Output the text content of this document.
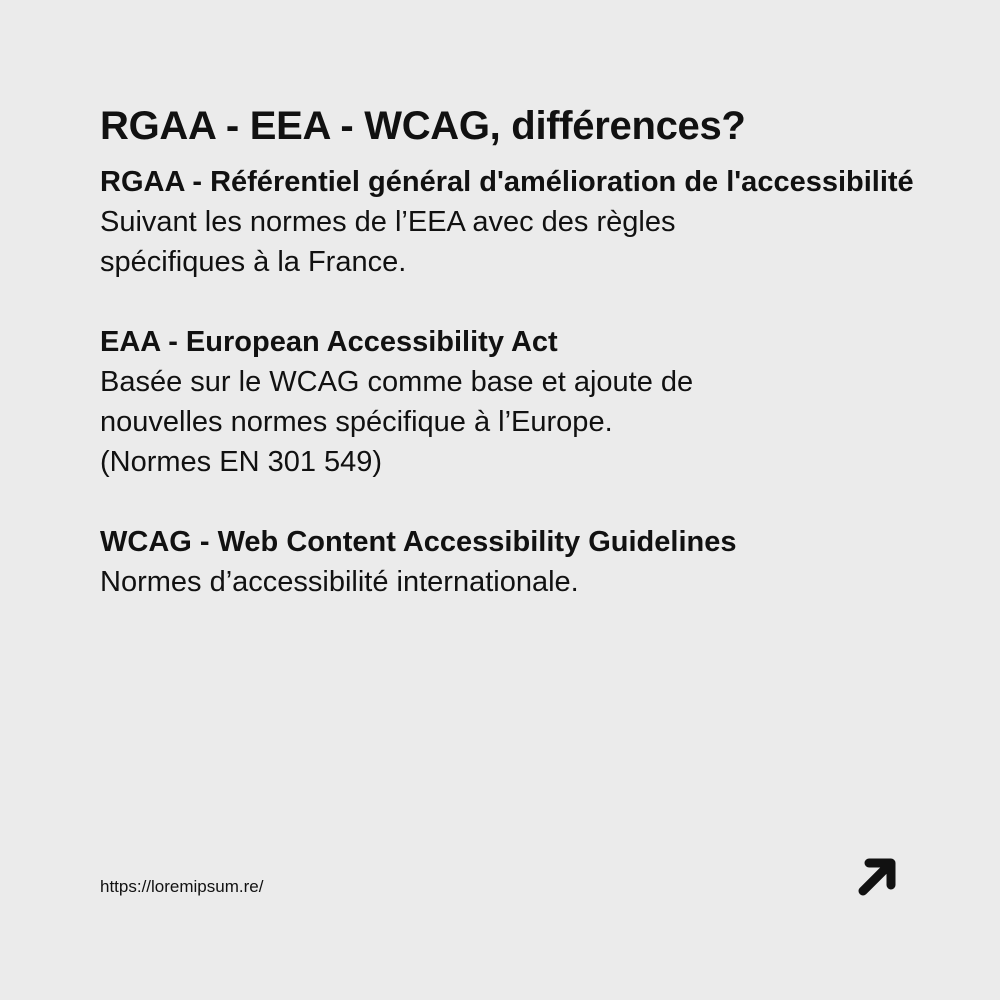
RGAA - EEA - WCAG, différences?
RGAA - Référentiel général d'amélioration de l'accessibilité

Suivant les normes de l’EEA avec des règles
spécifiques à la France.

EAA - European Accessibility Act

Basée sur le WCAG comme base et ajoute de
nouvelles normes spécifique à l’Europe.
(Normes EN 301 549)

WCAG - Web Content Accessibility Guidelines

Normes d’accessibilité internationale.

https://loremipsum.re/
